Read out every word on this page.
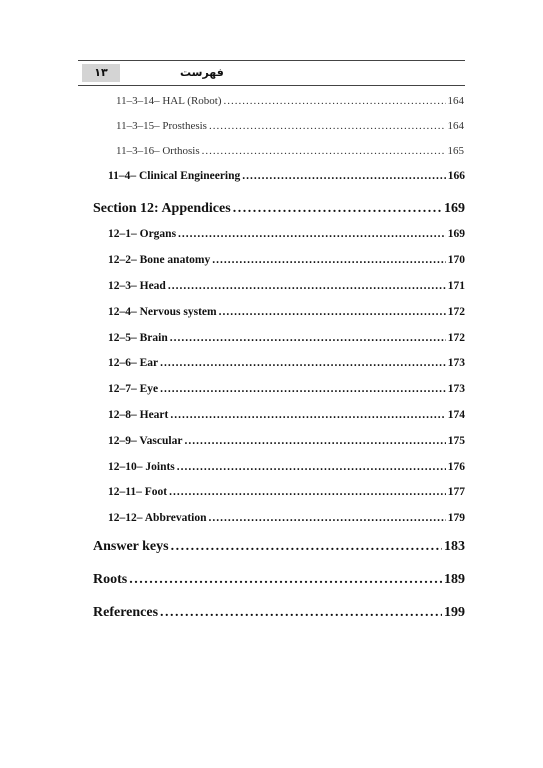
۱۳	فهرست
11–3–14– HAL (Robot) .....	164
11–3–15– Prosthesis .....	164
11–3–16– Orthosis .....	165
11–4– Clinical Engineering .....	166
Section 12: Appendices .....	169
12–1– Organs .....	169
12–2– Bone anatomy .....	170
12–3– Head .....	171
12–4– Nervous system .....	172
12–5– Brain .....	172
12–6– Ear .....	173
12–7– Eye .....	173
12–8– Heart .....	174
12–9– Vascular .....	175
12–10– Joints .....	176
12–11– Foot .....	177
12–12– Abbrevation .....	179
Answer keys .....	183
Roots .....	189
References .....	199
